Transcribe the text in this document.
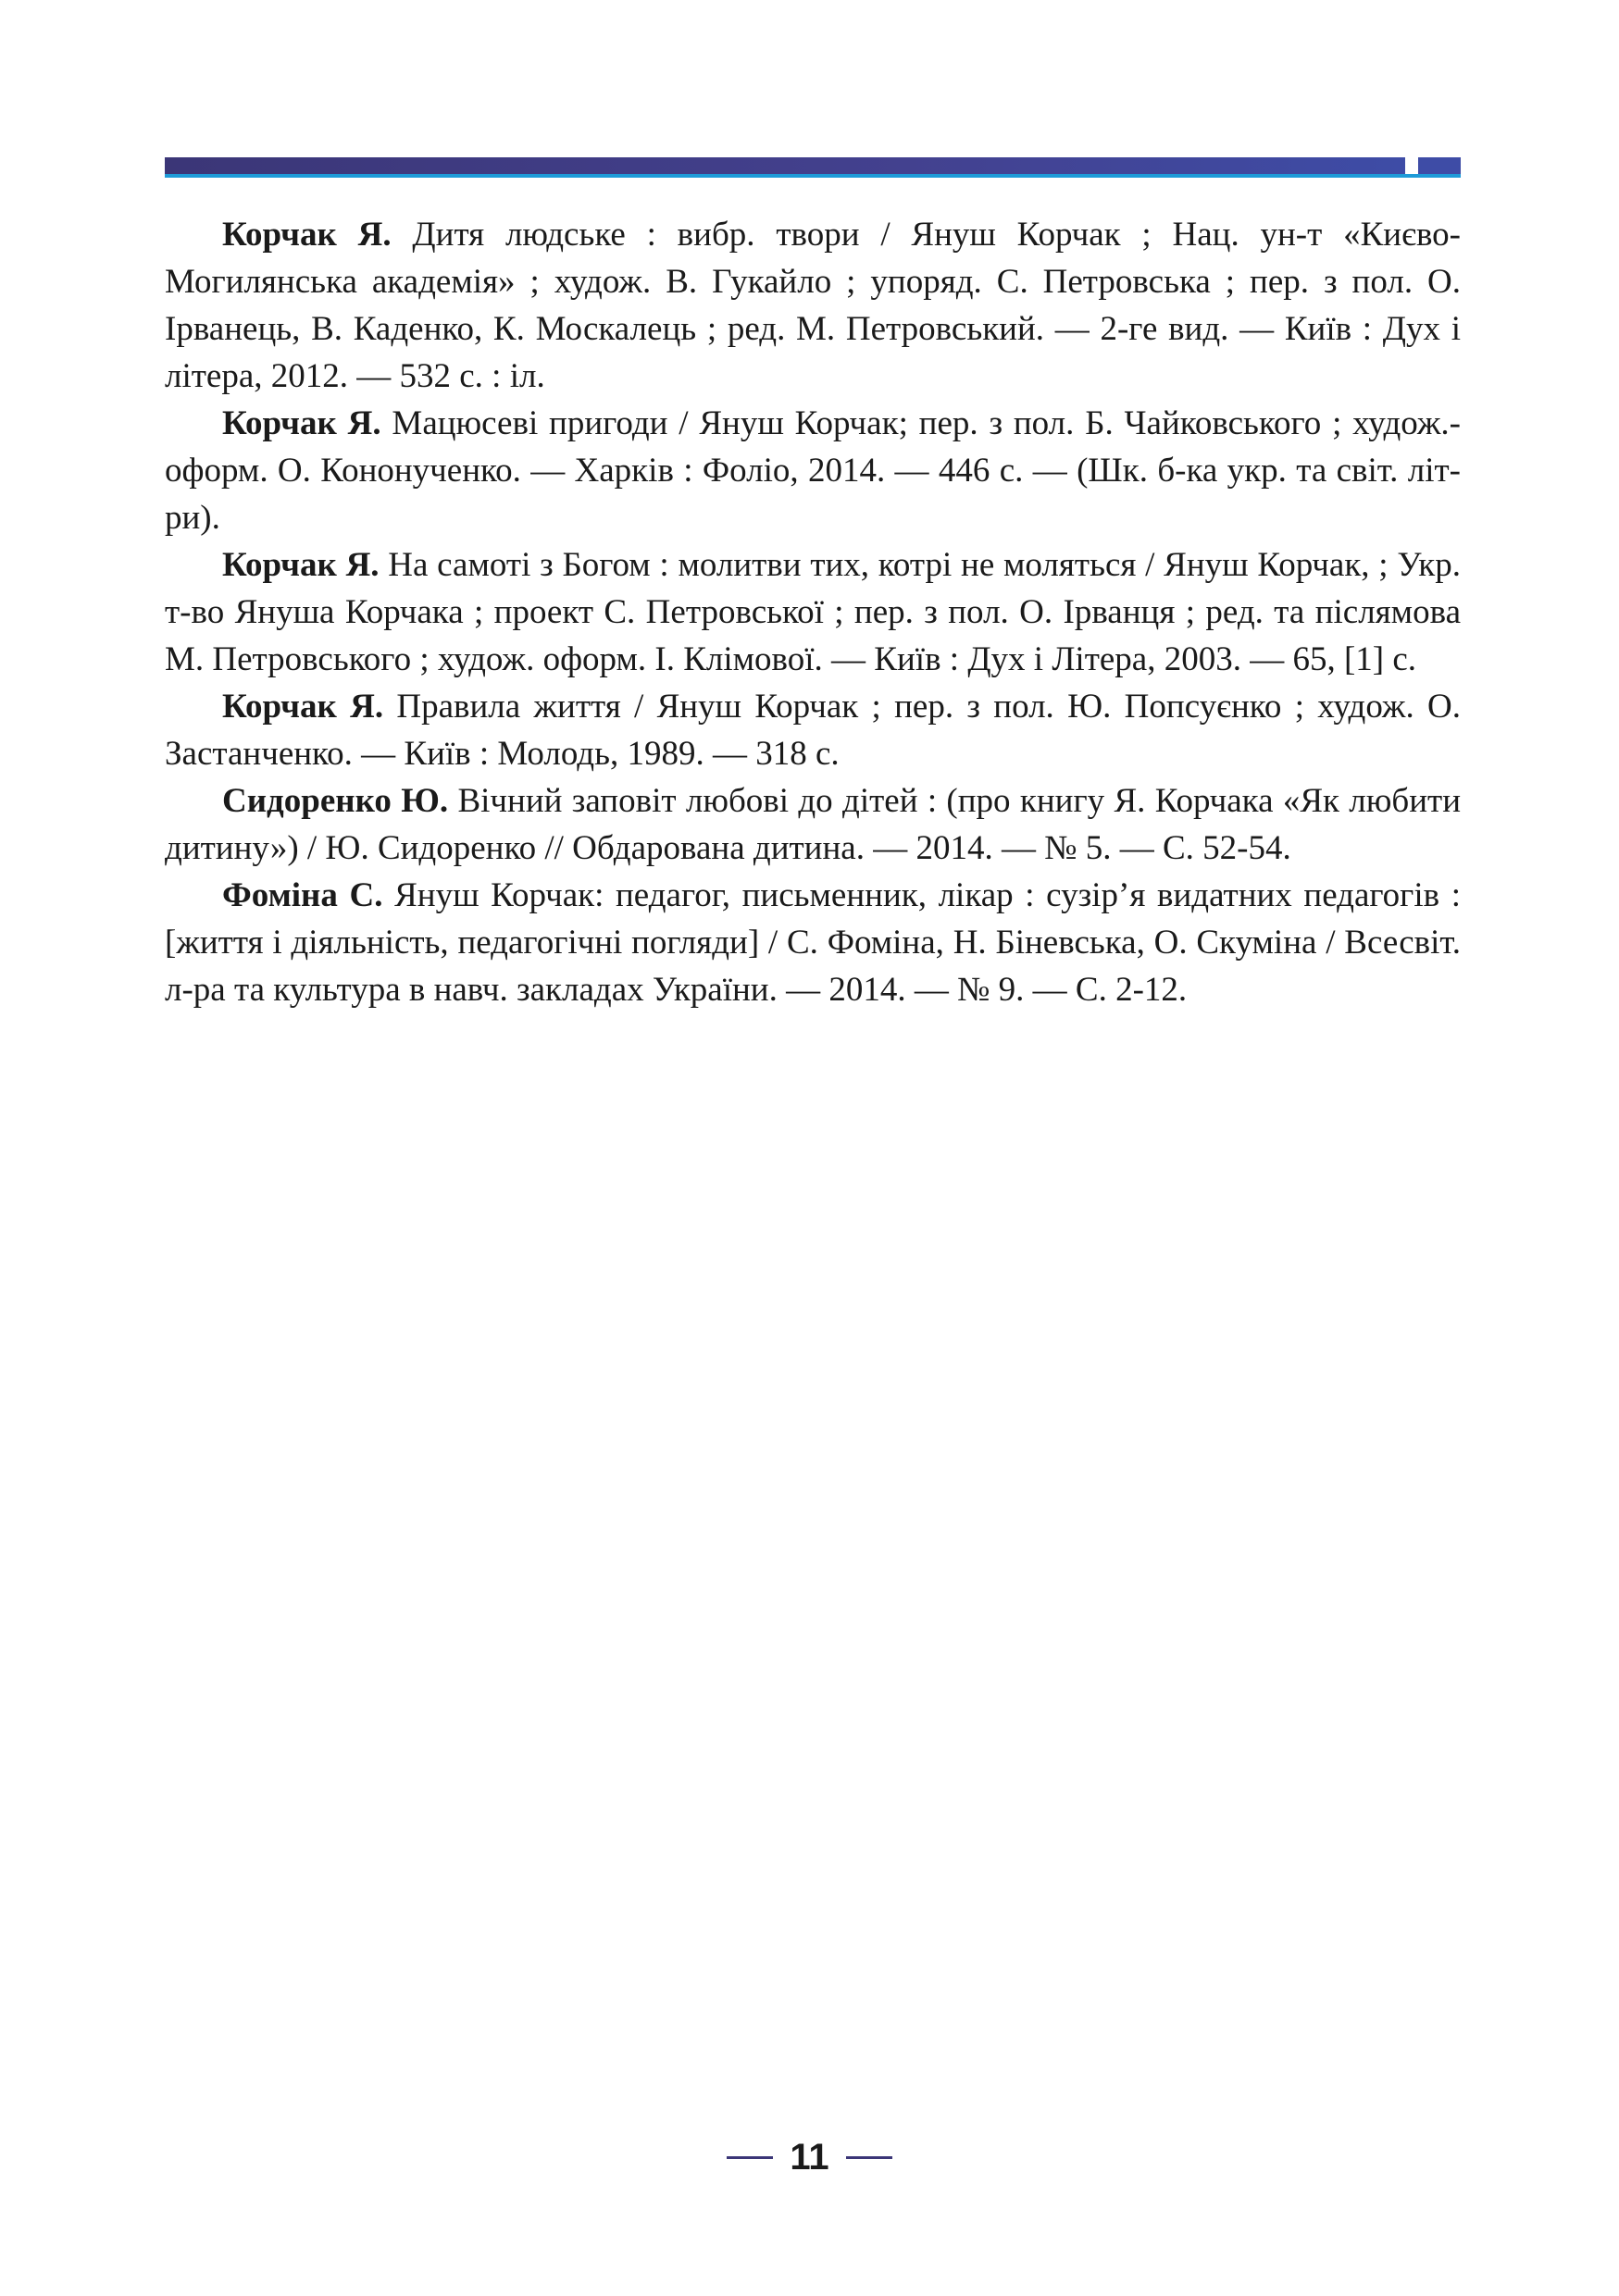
Корчак Я. Дитя людське : вибр. твори / Януш Корчак ; Нац. ун-т «Києво-Могилянська академія» ; худож. В. Гукайло ; упоряд. С. Петровська ; пер. з пол. О. Ірванець, В. Каденко, К. Москалець ; ред. М. Петровський. — 2-ге вид. — Київ : Дух і літера, 2012. — 532 с. : іл.

Корчак Я. Мацюсеві пригоди / Януш Корчак; пер. з пол. Б. Чайковського ; худож.-оформ. О. Кононученко. — Харків : Фоліо, 2014. — 446 с. — (Шк. б-ка укр. та світ. літ-ри).

Корчак Я. На самоті з Богом : молитви тих, котрі не моляться / Януш Корчак, ; Укр. т-во Януша Корчака ; проект С. Петровської ; пер. з пол. О. Ірванця ; ред. та післямова М. Петровського ; худож. оформ. І. Клімової. — Київ : Дух і Літера, 2003. — 65, [1] с.

Корчак Я. Правила життя / Януш Корчак ; пер. з пол. Ю. Попсуєнко ; худож. О. Застанченко. — Київ : Молодь, 1989. — 318 с.

Сидоренко Ю. Вічний заповіт любові до дітей : (про книгу Я. Корчака «Як любити дитину») / Ю. Сидоренко // Обдарована дитина. — 2014. — № 5. — С. 52-54.

Фоміна С. Януш Корчак: педагог, письменник, лікар : сузір’я видатних педагогів : [життя і діяльність, педагогічні погляди] / С. Фоміна, Н. Біневська, О. Скуміна / Всесвіт. л-ра та культура в навч. закладах України. — 2014. — № 9. — С. 2-12.

11
